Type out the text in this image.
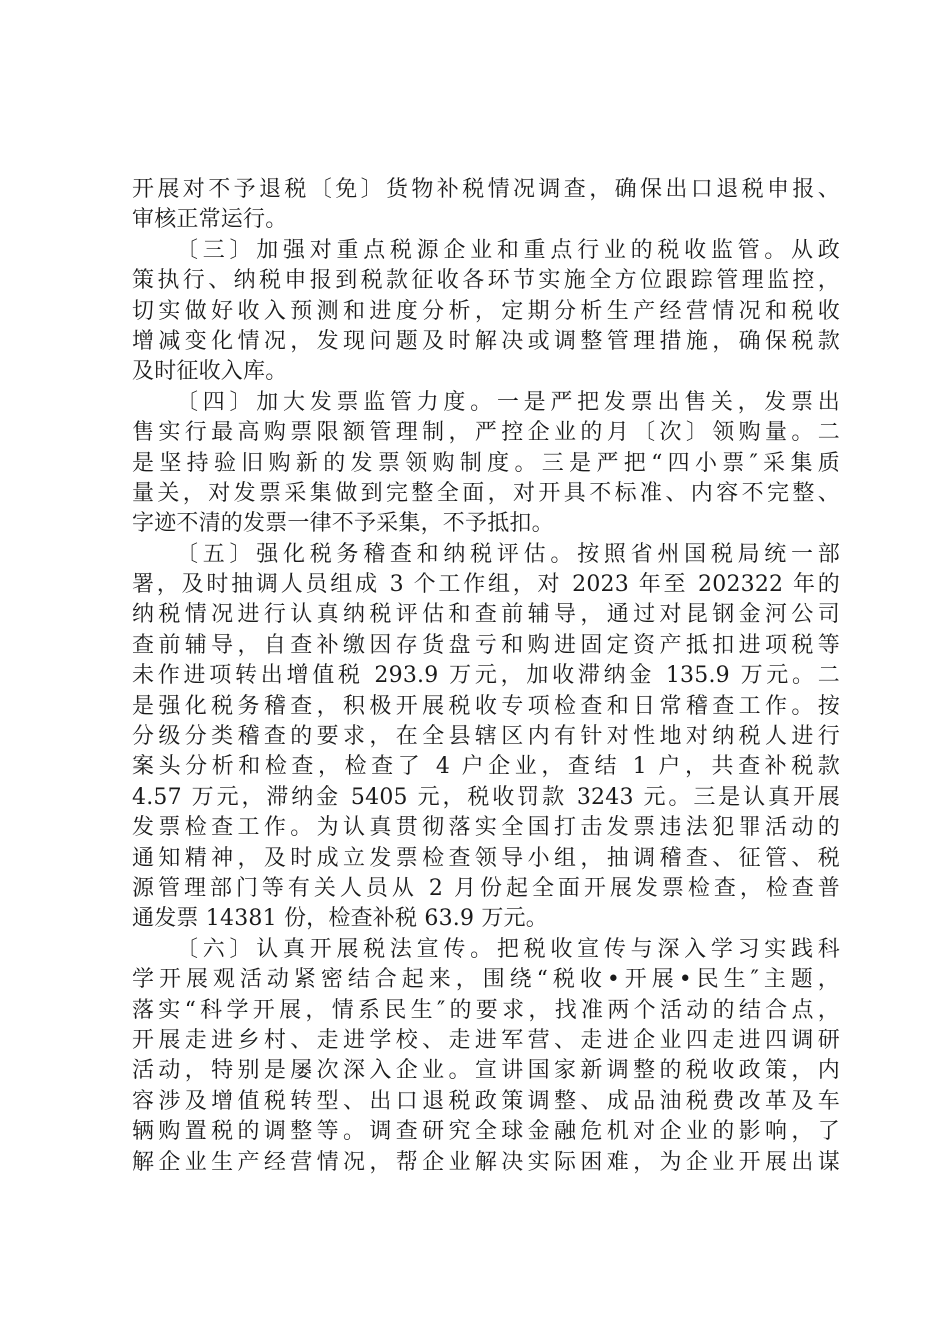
开展对不予退税〔免〕货物补税情况调查，确保出口退税申报、
审核正常运行。
〔三〕加强对重点税源企业和重点行业的税收监管。从政
策执行、纳税申报到税款征收各环节实施全方位跟踪管理监控，
切实做好收入预测和进度分析，定期分析生产经营情况和税收
增减变化情况，发现问题及时解决或调整管理措施，确保税款
及时征收入库。
〔四〕加大发票监管力度。一是严把发票出售关，发票出
售实行最高购票限额管理制，严控企业的月〔次〕领购量。二
是坚持验旧购新的发票领购制度。三是严把“四小票″采集质
量关，对发票采集做到完整全面，对开具不标准、内容不完整、
字迹不清的发票一律不予采集，不予抵扣。
〔五〕强化税务稽查和纳税评估。按照省州国税局统一部
署，及时抽调人员组成 3 个工作组，对 2023 年至 202322 年的
纳税情况进行认真纳税评估和查前辅导，通过对昆钢金河公司
查前辅导，自查补缴因存货盘亏和购进固定资产抵扣进项税等
未作进项转出增值税 293.9 万元，加收滞纳金 135.9 万元。二
是强化税务稽查，积极开展税收专项检查和日常稽查工作。按
分级分类稽查的要求，在全县辖区内有针对性地对纳税人进行
案头分析和检查，检查了 4 户企业，查结 1 户，共查补税款
4.57 万元，滞纳金 5405 元，税收罚款 3243 元。三是认真开展
发票检查工作。为认真贯彻落实全国打击发票违法犯罪活动的
通知精神，及时成立发票检查领导小组，抽调稽查、征管、税
源管理部门等有关人员从 2 月份起全面开展发票检查，检查普
通发票 14381 份，检查补税 63.9 万元。
〔六〕认真开展税法宣传。把税收宣传与深入学习实践科
学开展观活动紧密结合起来，围绕“税收•开展•民生″主题，
落实“科学开展，情系民生″的要求，找准两个活动的结合点，
开展走进乡村、走进学校、走进军营、走进企业四走进四调研
活动，特别是屡次深入企业。宣讲国家新调整的税收政策，内
容涉及增值税转型、出口退税政策调整、成品油税费改革及车
辆购置税的调整等。调查研究全球金融危机对企业的影响，了
解企业生产经营情况，帮企业解决实际困难，为企业开展出谋
